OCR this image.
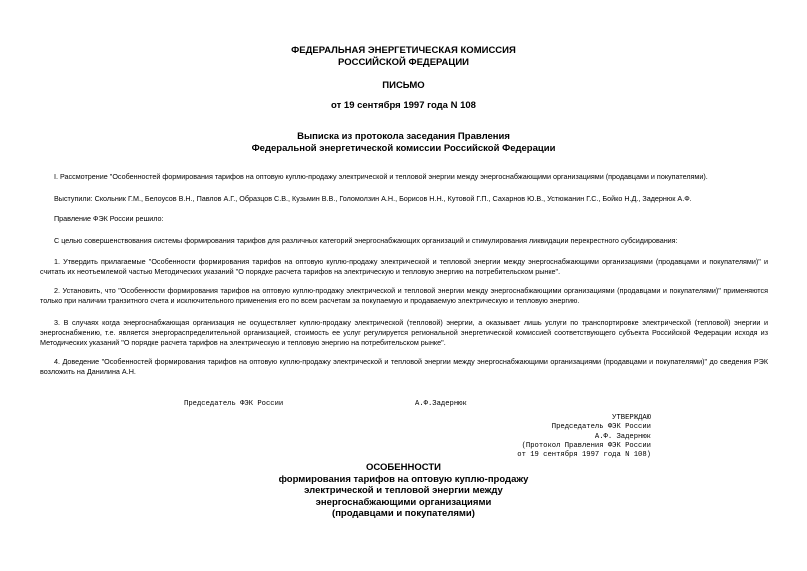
ФЕДЕРАЛЬНАЯ ЭНЕРГЕТИЧЕСКАЯ КОМИССИЯ
РОССИЙСКОЙ ФЕДЕРАЦИИ
ПИСЬМО
от 19 сентября 1997 года N 108
Выписка из протокола заседания Правления
Федеральной энергетической комиссии Российской Федерации
I. Рассмотрение "Особенностей формирования тарифов на оптовую куплю-продажу электрической и тепловой энергии между энергоснабжающими организациями (продавцами и покупателями).
Выступили: Скольник Г.М., Белоусов В.Н., Павлов А.Г., Образцов С.В., Кузьмин В.В., Голомолзин А.Н., Борисов Н.Н., Кутовой Г.П., Сахарнов Ю.В., Устюжанин Г.С., Бойко Н.Д., Задернюк А.Ф.
Правление ФЭК России решило:
С целью совершенствования системы формирования тарифов для различных категорий энергоснабжающих организаций и стимулирования ликвидации перекрестного субсидирования:
1. Утвердить прилагаемые "Особенности формирования тарифов на оптовую куплю-продажу электрической и тепловой энергии между энергоснабжающими организациями (продавцами и покупателями)" и считать их неотъемлемой частью Методических указаний "О порядке расчета тарифов на электрическую и тепловую энергию на потребительском рынке".
2. Установить, что "Особенности формирования тарифов на оптовую куплю-продажу электрической и тепловой энергии между энергоснабжающими организациями (продавцами и покупателями)" применяются только при наличии транзитного счета и исключительного применения его по всем расчетам за покупаемую и продаваемую электрическую и тепловую энергию.
3. В случаях когда энергоснабжающая организация не осуществляет куплю-продажу электрической (тепловой) энергии, а оказывает лишь услуги по транспортировке электрической (тепловой) энергии и энергоснабжению, т.е. является энергораспределительной организацией, стоимость ее услуг регулируется региональной энергетической комиссией соответствующего субъекта Российской Федерации исходя из Методических указаний "О порядке расчета тарифов на электрическую и тепловую энергию на потребительском рынке".
4. Доведение "Особенностей формирования тарифов на оптовую куплю-продажу электрической и тепловой энергии между энергоснабжающими организациями (продавцами и покупателями)" до сведения РЭК возложить на Данилина А.Н.
Председатель ФЭК России	А.Ф.Задернюк
УТВЕРЖДАЮ
Председатель ФЭК России
А.Ф. Задернюк
(Протокол Правления ФЭК России
от 19 сентября 1997 года N 108)
ОСОБЕННОСТИ
формирования тарифов на оптовую куплю-продажу
электрической и тепловой энергии между
энергоснабжающими организациями
(продавцами и покупателями)
